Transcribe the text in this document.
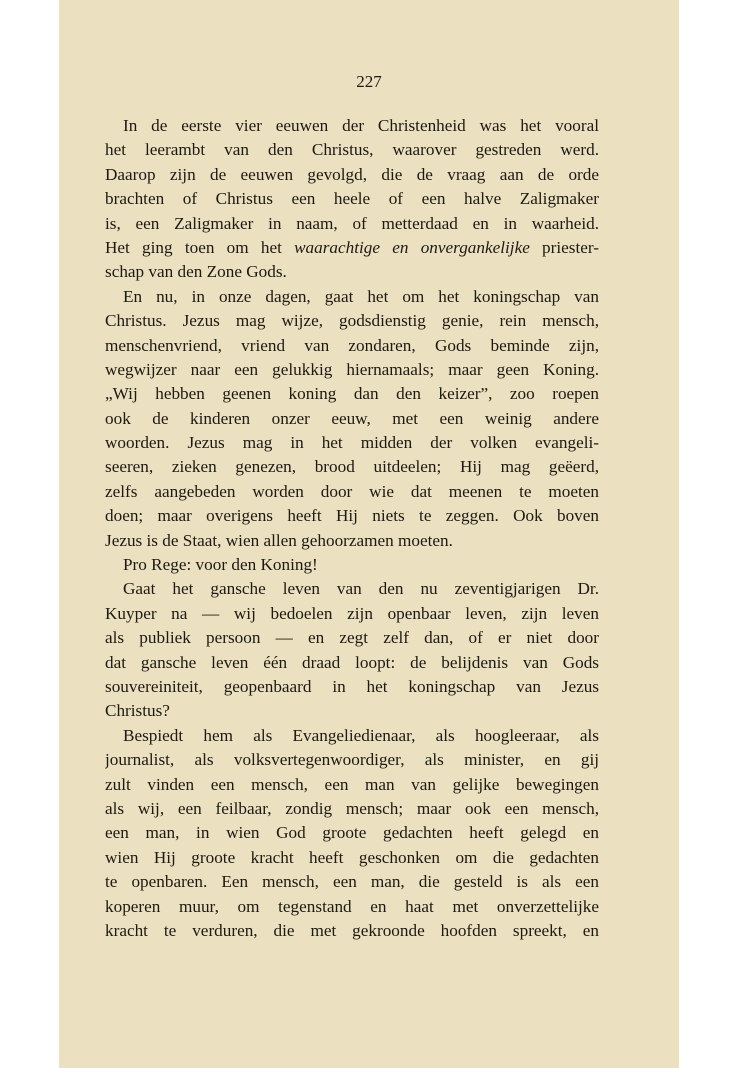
227
In de eerste vier eeuwen der Christenheid was het vooral
het leerambt van den Christus, waarover gestreden werd.
Daarop zijn de eeuwen gevolgd, die de vraag aan de orde
brachten of Christus een heele of een halve Zaligmaker
is, een Zaligmaker in naam, of metterdaad en in waarheid.
Het ging toen om het waarachtige en onvergankelijke priester-
schap van den Zone Gods.
En nu, in onze dagen, gaat het om het koningschap van
Christus. Jezus mag wijze, godsdienstig genie, rein mensch,
menschenvriend, vriend van zondaren, Gods beminde zijn,
wegwijzer naar een gelukkig hiernamaals; maar geen Koning.
„Wij hebben geenen koning dan den keizer”, zoo roepen
ook de kinderen onzer eeuw, met een weinig andere
woorden. Jezus mag in het midden der volken evangeli-
seeren, zieken genezen, brood uitdeelen; Hij mag geëerd,
zelfs aangebeden worden door wie dat meenen te moeten
doen; maar overigens heeft Hij niets te zeggen. Ook boven
Jezus is de Staat, wien allen gehoorzamen moeten.
Pro Rege: voor den Koning!
Gaat het gansche leven van den nu zeventigjarigen Dr.
Kuyper na — wij bedoelen zijn openbaar leven, zijn leven
als publiek persoon — en zegt zelf dan, of er niet door
dat gansche leven één draad loopt: de belijdenis van Gods
souvereiniteit, geopenbaard in het koningschap van Jezus
Christus?
Bespiedt hem als Evangeliedienaar, als hoogleeraar, als
journalist, als volksvertegenwoordiger, als minister, en gij
zult vinden een mensch, een man van gelijke bewegingen
als wij, een feilbaar, zondig mensch; maar ook een mensch,
een man, in wien God groote gedachten heeft gelegd en
wien Hij groote kracht heeft geschonken om die gedachten
te openbaren. Een mensch, een man, die gesteld is als een
koperen muur, om tegenstand en haat met onverzettelijke
kracht te verduren, die met gekroonde hoofden spreekt, en
